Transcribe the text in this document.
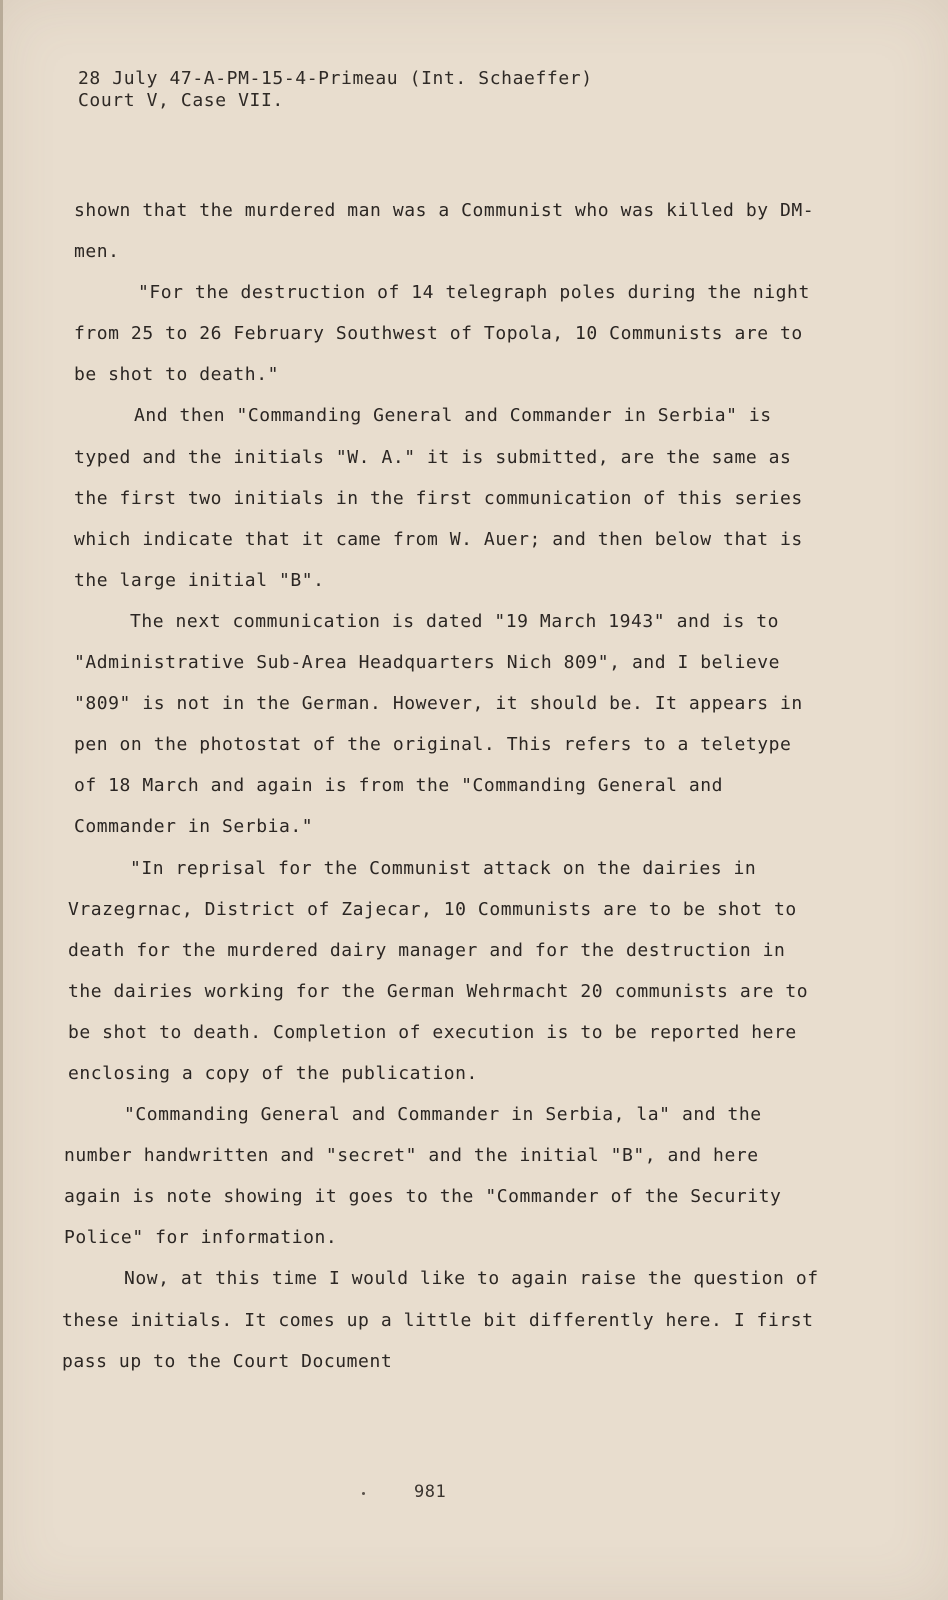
28 July 47-A-PM-15-4-Primeau (Int. Schaeffer)
Court V, Case VII.

shown that the murdered man was a Communist who was killed by DM-men.

"For the destruction of 14 telegraph poles during the night from 25 to 26 February Southwest of Topola, 10 Communists are to be shot to death."

And then "Commanding General and Commander in Serbia" is typed and the initials "W. A." it is submitted, are the same as the first two initials in the first communication of this series which indicate that it came from W. Auer; and then below that is the large initial "B".

The next communication is dated "19 March 1943" and is to "Administrative Sub-Area Headquarters Nich 809", and I believe "809" is not in the German. However, it should be. It appears in pen on the photostat of the original. This refers to a teletype of 18 March and again is from the "Commanding General and Commander in Serbia."

"In reprisal for the Communist attack on the dairies in Vrazegrnac, District of Zajecar, 10 Communists are to be shot to death for the murdered dairy manager and for the destruction in the dairies working for the German Wehrmacht 20 communists are to be shot to death. Completion of execution is to be reported here enclosing a copy of the publication.

"Commanding General and Commander in Serbia, la" and the number handwritten and "secret" and the initial "B", and here again is note showing it goes to the "Commander of the Security Police" for information.

Now, at this time I would like to again raise the question of these initials. It comes up a little bit differently here. I first pass up to the Court Document

981
